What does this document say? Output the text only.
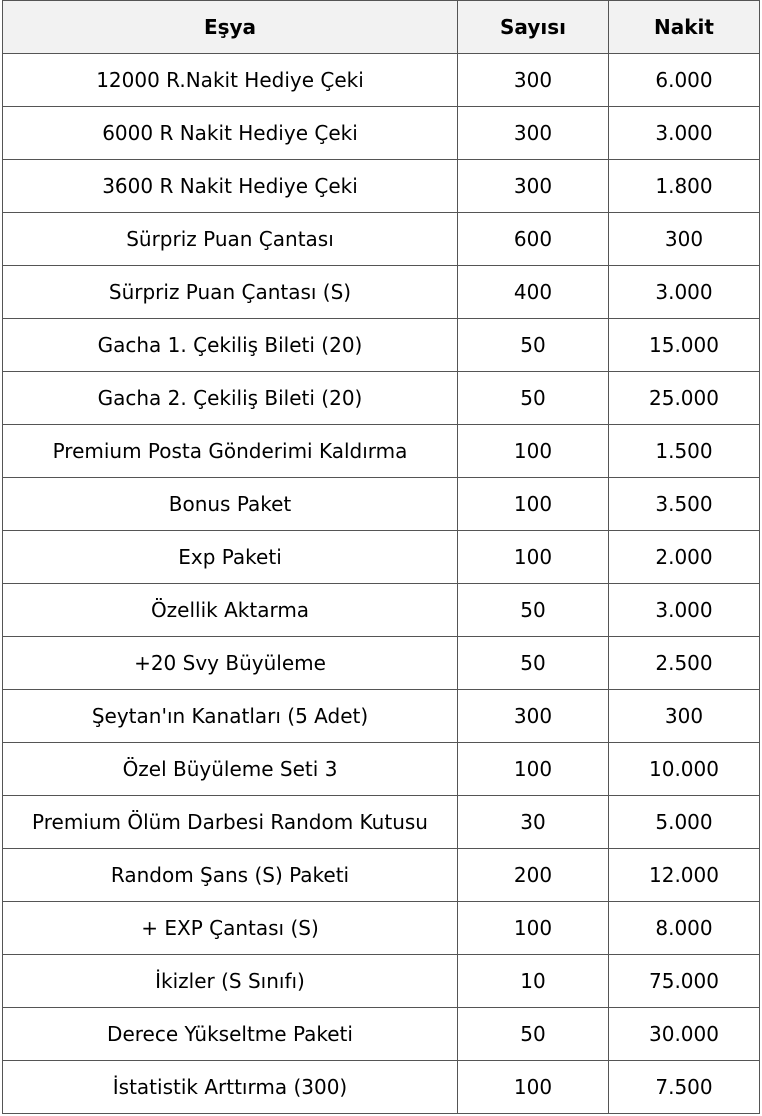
Eşya	Sayısı	Nakit
12000 R.Nakit Hediye Çeki	300	6.000
6000 R Nakit Hediye Çeki	300	3.000
3600 R Nakit Hediye Çeki	300	1.800
Sürpriz Puan Çantası	600	300
Sürpriz Puan Çantası (S)	400	3.000
Gacha 1. Çekiliş Bileti (20)	50	15.000
Gacha 2. Çekiliş Bileti (20)	50	25.000
Premium Posta Gönderimi Kaldırma	100	1.500
Bonus Paket	100	3.500
Exp Paketi	100	2.000
Özellik Aktarma	50	3.000
+20 Svy Büyüleme	50	2.500
Şeytan'ın Kanatları (5 Adet)	300	300
Özel Büyüleme Seti 3	100	10.000
Premium Ölüm Darbesi Random Kutusu	30	5.000
Random Şans (S) Paketi	200	12.000
+ EXP Çantası (S)	100	8.000
İkizler (S Sınıfı)	10	75.000
Derece Yükseltme Paketi	50	30.000
İstatistik Arttırma (300)	100	7.500
